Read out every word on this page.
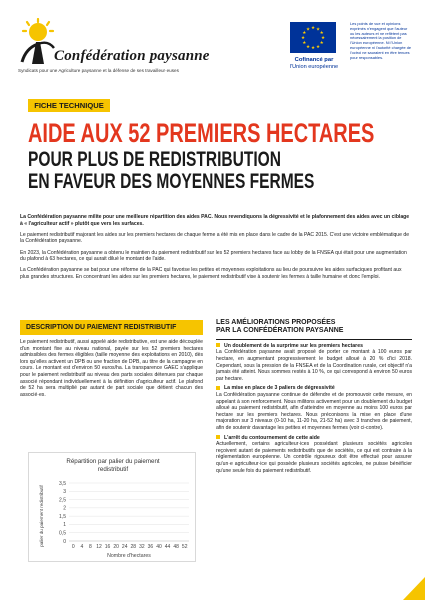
Confédération paysanne
Syndicats pour une Agriculture paysanne et la défense de ses travailleur·euses
★ ★
★
★
★
★
★
★
★
★
★
★
Cofinancé par
l'Union européenne
Les points de vue et opinions exprimés n'engagent que l'auteur ou les auteurs et ne reflètent pas nécessairement la position de l'Union européenne. Ni l'Union européenne ni l'autorité chargée de l'octroi ne sauraient en être tenues pour responsables.
FICHE TECHNIQUE
AIDE AUX 52 PREMIERS HECTARES
POUR PLUS DE REDISTRIBUTION
EN FAVEUR DES MOYENNES FERMES

La Confédération paysanne milite pour une meilleure répartition des aides PAC. Nous revendiquons la dégressivité et le plafonnement des aides avec un ciblage à « l'agriculteur actif » plutôt que vers les surfaces.

Le paiement redistributif majorant les aides sur les premiers hectares de chaque ferme a été mis en place dans le cadre de la PAC 2015. C'est une victoire emblématique de la Confédération paysanne.

En 2023, la Confédération paysanne a obtenu le maintien du paiement redistributif sur les 52 premiers hectares face au lobby de la FNSEA qui était pour une augmentation du plafond à 63 hectares, ce qui aurait dilué le montant de l'aide.

La Confédération paysanne se bat pour une réforme de la PAC qui favorise les petites et moyennes exploitations au lieu de poursuivre les aides surfaciques profitant aux plus grandes structures. En concentrant les aides sur les premiers hectares, le paiement redistributif vise à soutenir les fermes à taille humaine et donc l'emploi.

DESCRIPTION DU PAIEMENT REDISTRIBUTIF
Le paiement redistributif, aussi appelé aide redistributive, est une aide découplée d'un montant fixe au niveau national, payée sur les 52 premiers hectares admissibles des fermes éligibles (taille moyenne des exploitations en 2010), dès lors qu'elles activent un DPB ou une fraction de DPB, au titre de la campagne en cours. Le montant est d'environ 50 euros/ha. La transparence GAEC s'applique pour le paiement redistributif au niveau des parts sociales détenues par chaque associé répondant individuellement à la définition d'agriculteur actif. Le plafond de 52 ha sera multiplié par autant de part sociale que détient chacun des associé·es.
Répartition par palier du paiement
redistributif
0
0,5
1
1,5
2
2,5
3
3,5
0 4 8 12 16 20 24 28 32 36 40 44 48 52
Nombre d'hectares
palier du paiement redistributif
LES AMÉLIORATIONS PROPOSÉES
PAR LA CONFÉDÉRATION PAYSANNE
Un doublement de la surprime sur les premiers hectares
La Confédération paysanne avait proposé de porter ce montant à 100 euros par hectare, en augmentant progressivement le budget alloué à 20 % d'ici 2018. Cependant, sous la pression de la FNSEA et de la Coordination rurale, cet objectif n'a jamais été atteint. Nous sommes restés à 10 %, ce qui correspond à environ 50 euros par hectare.
La mise en place de 3 paliers de dégressivité
La Confédération paysanne continue de défendre et de promouvoir cette mesure, en appelant à son renforcement. Nous militons activement pour un doublement du budget alloué au paiement redistributif, afin d'atteindre en moyenne au moins 100 euros par hectare sur les premiers hectares. Nous préconisons la mise en place d'une majoration sur 3 niveaux (0-10 ha, 11-20 ha, 21-52 ha) avec 3 tranches de paiement, afin de soutenir davantage les petites et moyennes fermes (voir ci-contre).
L'arrêt du contournement de cette aide
Actuellement, certains agriculteur·ices possédant plusieurs sociétés agricoles reçoivent autant de paiements redistributifs que de sociétés, ce qui est contraire à la réglementation européenne. Un contrôle rigoureux doit être effectué pour assurer qu'un·e agriculteur·ice qui possède plusieurs sociétés agricoles, ne puisse bénéficier qu'une seule fois du paiement redistributif.
